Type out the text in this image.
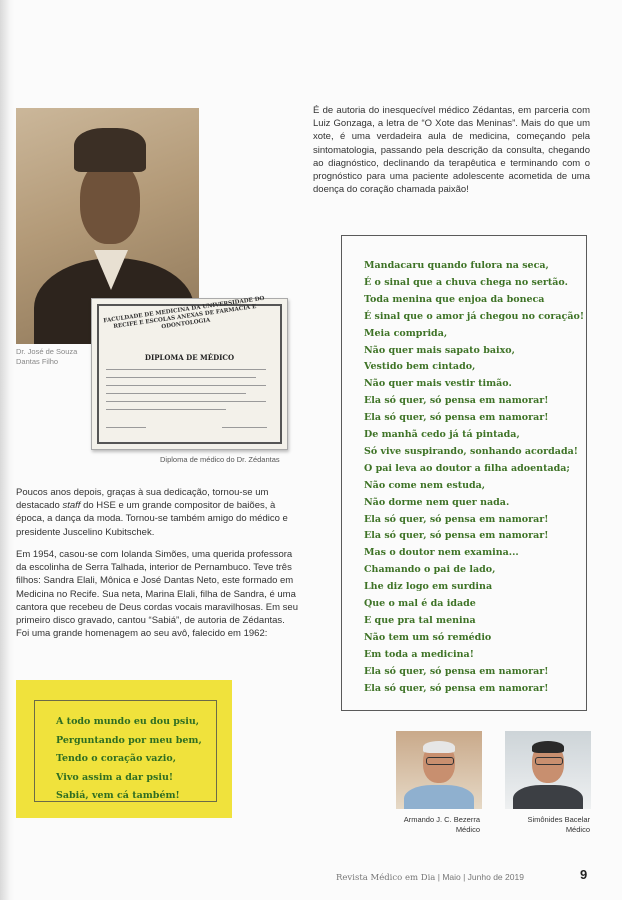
Dr. José de Souza Dantas Filho
FACULDADE DE MEDICINA DA UNIVERSIDADE DO RECIFE E ESCOLAS ANEXAS DE FARMACIA E ODONTOLOGIA
DIPLOMA DE MÉDICO
Diploma de médico do Dr. Zédantas

É de autoria do inesquecível médico Zédantas, em parceria com Luiz Gonzaga, a letra de “O Xote das Meninas”. Mais do que um xote, é uma verdadeira aula de medicina, começando pela sintomatologia, passando pela descrição da consulta, chegando ao diagnóstico, declinando da terapêutica e terminando com o prognóstico para uma paciente adolescente acometida de uma doença do coração chamada paixão!

Mandacaru quando fulora na seca,
É o sinal que a chuva chega no sertão.
Toda menina que enjoa da boneca
É sinal que o amor já chegou no coração!
Meia comprida,
Não quer mais sapato baixo,
Vestido bem cintado,
Não quer mais vestir timão.
Ela só quer, só pensa em namorar!
Ela só quer, só pensa em namorar!
De manhã cedo já tá pintada,
Só vive suspirando, sonhando acordada!
O pai leva ao doutor a filha adoentada;
Não come nem estuda,
Não dorme nem quer nada.
Ela só quer, só pensa em namorar!
Ela só quer, só pensa em namorar!
Mas o doutor nem examina...
Chamando o pai de lado,
Lhe diz logo em surdina
Que o mal é da idade
E que pra tal menina
Não tem um só remédio
Em toda a medicina!
Ela só quer, só pensa em namorar!
Ela só quer, só pensa em namorar!

Poucos anos depois, graças à sua dedicação, tornou-se um destacado staff do HSE e um grande compositor de baiões, à época, a dança da moda. Tornou-se também amigo do médico e presidente Juscelino Kubitschek.

Em 1954, casou-se com Iolanda Simões, uma querida professora da escolinha de Serra Talhada, interior de Pernambuco. Teve três filhos: Sandra Elali, Mônica e José Dantas Neto, este formado em Medicina no Recife. Sua neta, Marina Elali, filha de Sandra, é uma cantora que recebeu de Deus cordas vocais maravilhosas. Em seu primeiro disco gravado, cantou “Sabiá”, de autoria de Zédantas. Foi uma grande homenagem ao seu avô, falecido em 1962:

A todo mundo eu dou psiu,
Perguntando por meu bem,
Tendo o coração vazio,
Vivo assim a dar psiu!
Sabiá, vem cá também!
Armando J. C. Bezerra
Médico
Simônides Bacelar
Médico
Revista Médico em Dia | Maio | Junho de 2019	9
